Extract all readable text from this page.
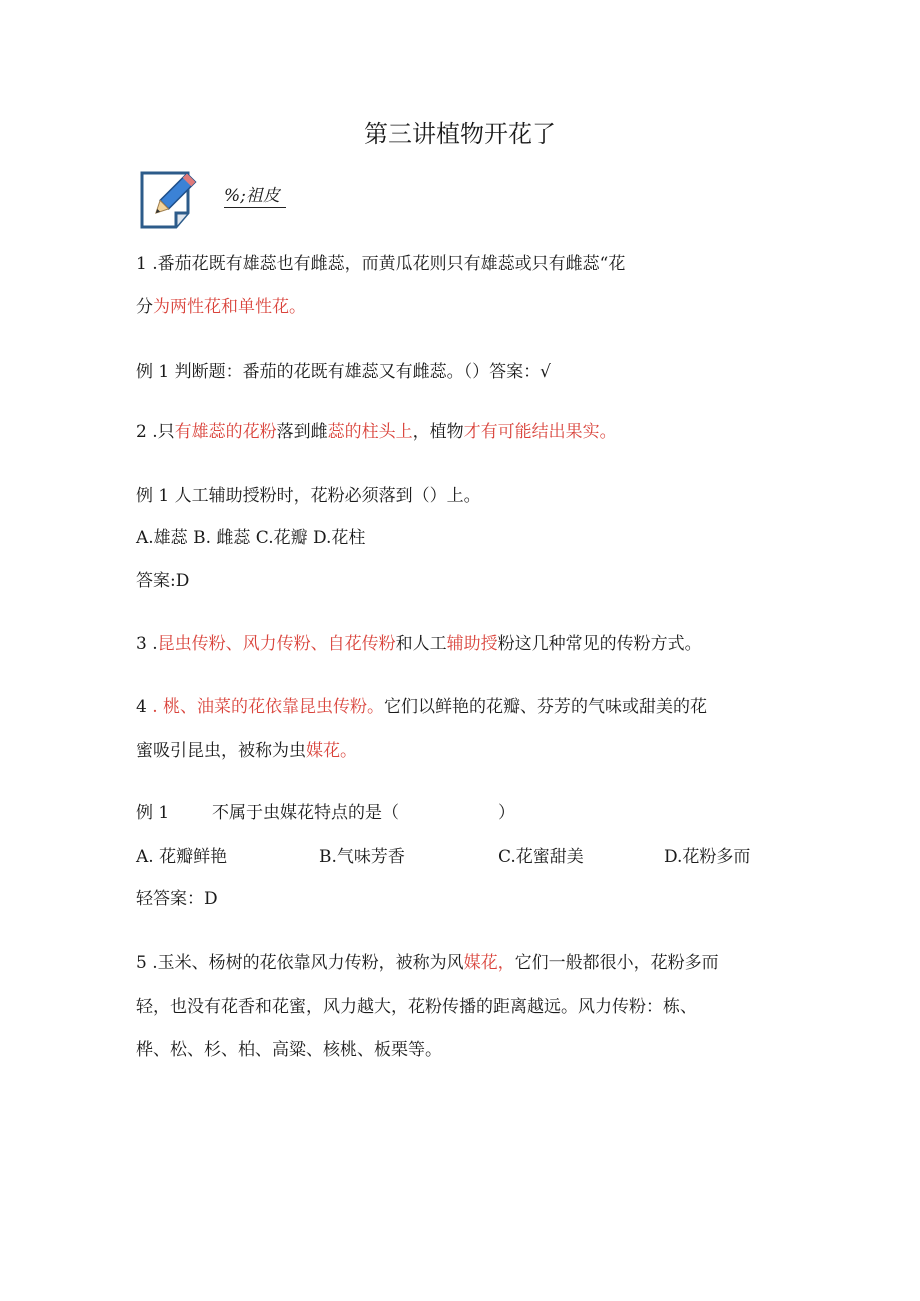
第三讲植物开花了
%;祖皮

1 .番茄花既有雄蕊也有雌蕊，而黄瓜花则只有雄蕊或只有雌蕊“花

分为两性花和单性花。

例 1 判断题：番茄的花既有雄蕊又有雌蕊。（）答案：√

2 .只有雄蕊的花粉落到雌蕊的柱头上，植物才有可能结出果实。

例 1 人工辅助授粉时，花粉必须落到（）上。

A.雄蕊 B. 雌蕊 C.花瓣 D.花柱

答案:D

3 .昆虫传粉、风力传粉、自花传粉和人工辅助授粉这几种常见的传粉方式。

4 . 桃、油菜的花依靠昆虫传粉。它们以鲜艳的花瓣、芬芳的气味或甜美的花

蜜吸引昆虫，被称为虫媒花。

例 1	不属于虫媒花特点的是（	）
A. 花瓣鲜艳	B.气味芳香	C.花蜜甜美	D.花粉多而

轻答案：D

5 .玉米、杨树的花依靠风力传粉，被称为风媒花，它们一般都很小，花粉多而

轻，也没有花香和花蜜，风力越大，花粉传播的距离越远。风力传粉：栋、

桦、松、杉、柏、高粱、核桃、板栗等。
